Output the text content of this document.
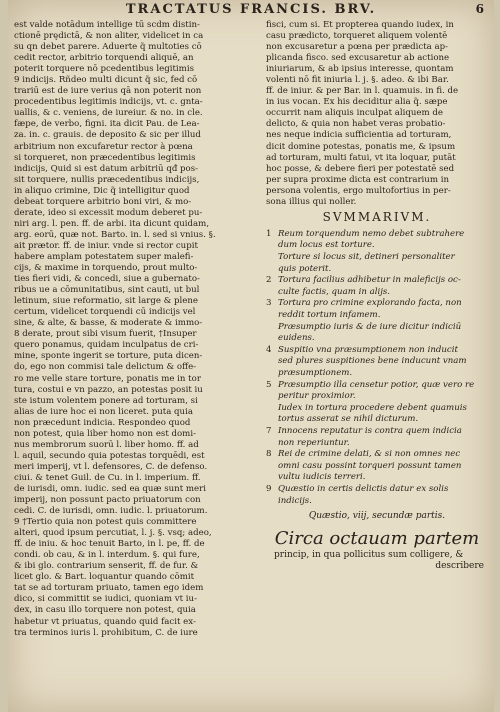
TRACTATUS FRANCIS. BRV.	6
est valde notādum intellige tū scdm distin-
ctionē prędictā, & non aliter, videlicet in ca
su qn debet parere. Aduerte q̃ multoties cō
cedit rector, arbitrio torquendi aliquē, an
poterit torquere nō pcedentibus legitimis
9 indicijs. Rñdeo multi dicunt q̃ sic, fed cō
trariū est de iure verius qā non poterit non
procedentibus legitimis indicijs, vt. c. gnta-
uallis, & c. veniens, de iureiur. & no. in cle.
fæpe, de verbo, figni. ita dicit Pau. de Lea-
za. in. c. grauis. de deposito & sic per illud
arbitrium non excufaretur rector à pœna
si torqueret, non præcedentibus legitimis
indicijs, Quid si est datum arbitriū qđ pos-
sit torquere, nullis præcedentibus indicijs,
in aliquo crimine, Dic q̃ intelligitur quod
debeat torquere arbitrio boni viri, & mo-
derate, ideo si excessit modum deberet pu-
niri arg. l. pen. ff. de arbi. ita dicunt quidam,
arg. eorū, quæ not. Barto. in. l. sed si vnius. §.
ait prætor. ff. de iniur. vnde si rector cupit
habere amplam potestatem super malefi-
cijs, & maxime in torquendo, prout multo-
ties fieri vidi, & concedi, siue a gubernato-
ribus ue a cōmunitatibus, sint cauti, ut bul
letinum, siue reformatio, sit large & plene
certum, videlicet torquendi cū indicijs vel
sine, & alte, & basse, & moderate & immo-
8 derate, prout sibi visum fuerit, †Insuper
quero ponamus, quidam inculpatus de cri-
mine, sponte ingerit se torture, puta dicen-
do, ego non commisi tale delictum & offe-
ro me velle stare torture, ponatis me in tor
tura, costui e vn pazzo, an potestas posit iu
ste istum volentem ponere ad torturam, si
alias de iure hoc ei non liceret. puta quia
non præcedunt indicia. Respondeo quod
non potest, quia liber homo non est domi-
nus membrorum suorū l. liber homo. ff. ad
l. aquil, secundo quia potestas torquēdi, est
meri imperij, vt l. defensores, C. de defenso.
ciui. & tenet Guil. de Cu. in l. imperium. ff.
de iurisdi, omn. iudic. sed ea quæ sunt meri
imperij, non possunt pacto priuatorum con
cedi. C. de iurisdi, omn. iudic. l. priuatorum.
9 †Tertio quia non potest quis committere
alteri, quod ipsum percutiat, l. j. §. vsq; adeo,
ff. de iniu. & hoc tenuit Barto, in l. pe, ff. de
condi. ob cau, & in l. interdum. §. qui fure,
& ibi glo. contrarium senserit, ff. de fur. &
licet glo. & Bart. loquantur quando cōmit
tat se ad torturam priuato, tamen ego idem
dico, si committit se iudici, quoniam vt iu-
dex, in casu illo torquere non potest, quia
habetur vt priuatus, quando quid facit ex-
tra terminos iuris l. prohibitum, C. de iure
fisci, cum si. Et propterea quando iudex, in
casu prædicto, torqueret aliquem volentē
non excusaretur a pœna per prædicta ap-
plicanda fisco. sed excusaretur ab actione
iniuriarum, & ab ipsius interesse, quontam
volenti nō fit iniuria l. j. §. adeo. & ibi Bar.
ff. de iniur. & per Bar. in l. quamuis. in fi. de
in ius vocan. Ex his deciditur alia q̃. sæpe
occurrit nam aliquis inculpat aliquem de
delicto, & quia non habet veras probatio-
nes neque indicia sufficientia ad torturam,
dicit domine potestas, ponatis me, & ipsum
ad torturam, multi fatui, vt ita loquar, putāt
hoc posse, & debere fieri per potestatē sed
per supra proxime dicta est contrarium in
persona volentis, ergo multofortius in per-
sona illius qui noller.
SVMMARIVM.
1 Reum torquendum nemo debet subtrahere
dum locus est torture.
Torture si locus sit, detineri personaliter
quis poterit.
2 Tortura facilius adhibetur in maleficijs oc-
culte factis, quam in alijs.
3 Tortura pro crimine explorando facta, non
reddit tortum infamem.
Præsumptio iuris & de iure dicitur indiciū
euidens.
4 Suspitio vna præsumptionem non inducit
sed plures suspitiones bene inducunt vnam
præsumptionem.
5 Præsumptio illa censetur potior, quæ vero re
peritur proximior.
Iudex in tortura procedere debent quamuis
tortus asserat se nihil dicturum.
7 Innocens reputatur is contra quem indicia
non reperiuntur.
8 Rei de crimine delati, & si non omnes nec
omni casu possint torqueri possunt tamen
vultu iudicis terreri.
9 Quæstio in certis delictis datur ex solis
indicijs.
Quæstio, viij, secundæ partis.
Circa octauam partem
princip, in qua pollicitus sum colligere, &
describere
